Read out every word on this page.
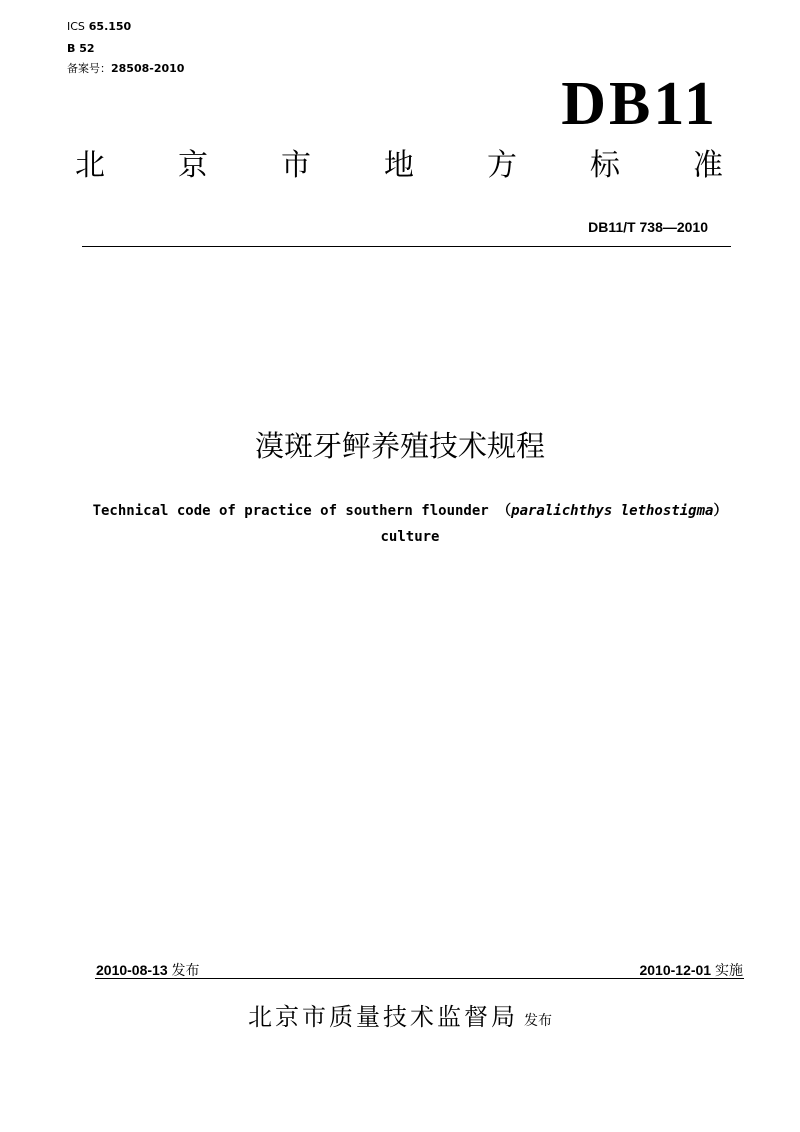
ICS 65.150
B 52
备案号：28508-2010
DB11
北 京 市 地 方 标 准
DB11/T 738—2010
漠斑牙鲆养殖技术规程
Technical code of practice of southern flounder （paralichthys lethostigma） culture
2010-08-13 发布	2010-12-01 实施
北京市质量技术监督局 发布
